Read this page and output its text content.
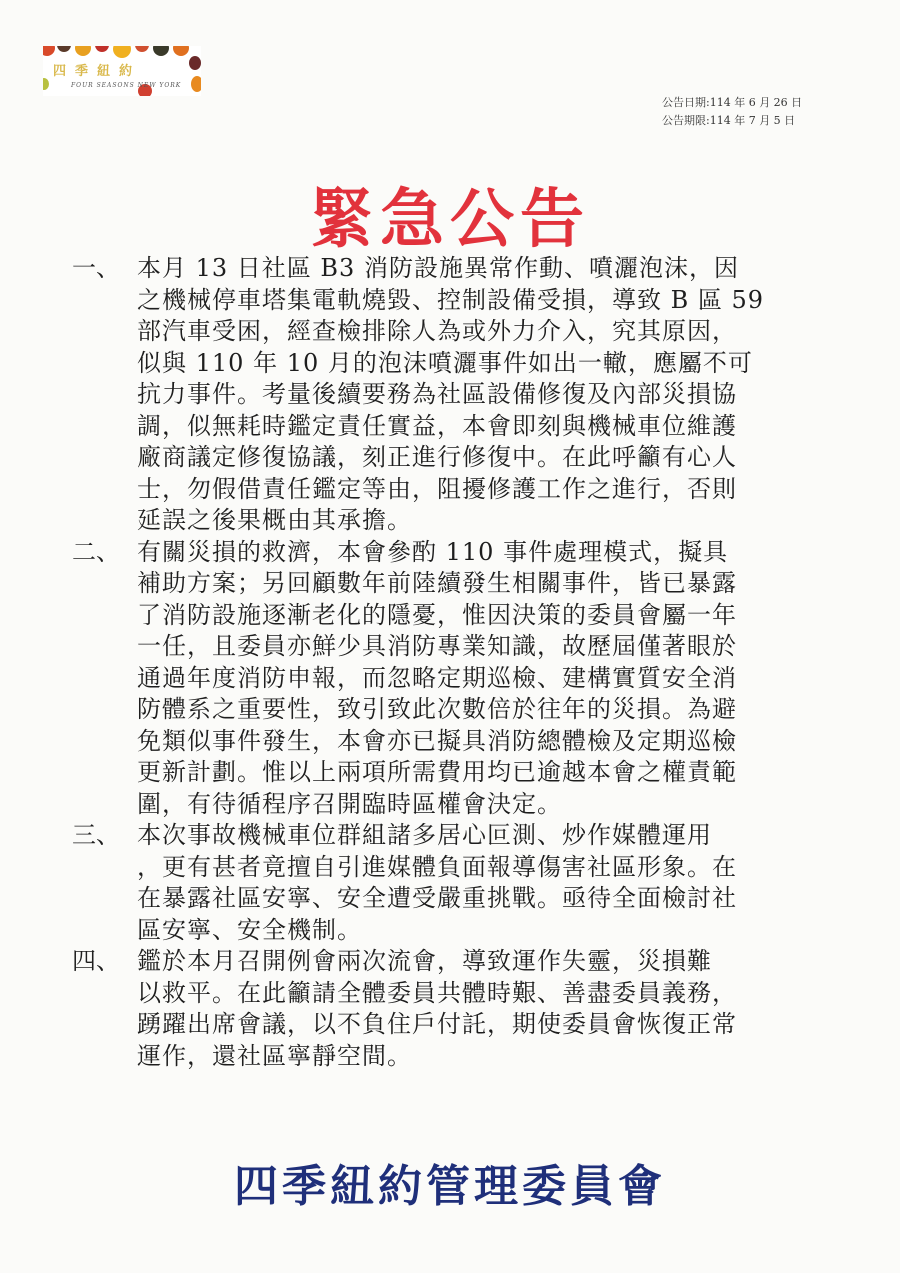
四季紐約
FOUR SEASONS NEW YORK
公告日期:114 年 6 月 26 日
公告期限:114 年 7 月 5 日
緊急公告
一、 本月 13 日社區 B3 消防設施異常作動、噴灑泡沫，因
之機械停車塔集電軌燒毀、控制設備受損，導致 B 區 59
部汽車受困，經查檢排除人為或外力介入，究其原因，
似與 110 年 10 月的泡沫噴灑事件如出一轍，應屬不可
抗力事件。考量後續要務為社區設備修復及內部災損協
調，似無耗時鑑定責任實益，本會即刻與機械車位維護
廠商議定修復協議，刻正進行修復中。在此呼籲有心人
士，勿假借責任鑑定等由，阻擾修護工作之進行，否則
延誤之後果概由其承擔。
二、 有關災損的救濟，本會參酌 110 事件處理模式，擬具
補助方案；另回顧數年前陸續發生相關事件，皆已暴露
了消防設施逐漸老化的隱憂，惟因決策的委員會屬一年
一任，且委員亦鮮少具消防專業知識，故歷屆僅著眼於
通過年度消防申報，而忽略定期巡檢、建構實質安全消
防體系之重要性，致引致此次數倍於往年的災損。為避
免類似事件發生，本會亦已擬具消防總體檢及定期巡檢
更新計劃。惟以上兩項所需費用均已逾越本會之權責範
圍，有待循程序召開臨時區權會決定。
三、 本次事故機械車位群組諸多居心叵測、炒作媒體運用
，更有甚者竟擅自引進媒體負面報導傷害社區形象。在
在暴露社區安寧、安全遭受嚴重挑戰。亟待全面檢討社
區安寧、安全機制。
四、 鑑於本月召開例會兩次流會，導致運作失靈，災損難
以救平。在此籲請全體委員共體時艱、善盡委員義務，
踴躍出席會議，以不負住戶付託，期使委員會恢復正常
運作，還社區寧靜空間。
四季紐約管理委員會
